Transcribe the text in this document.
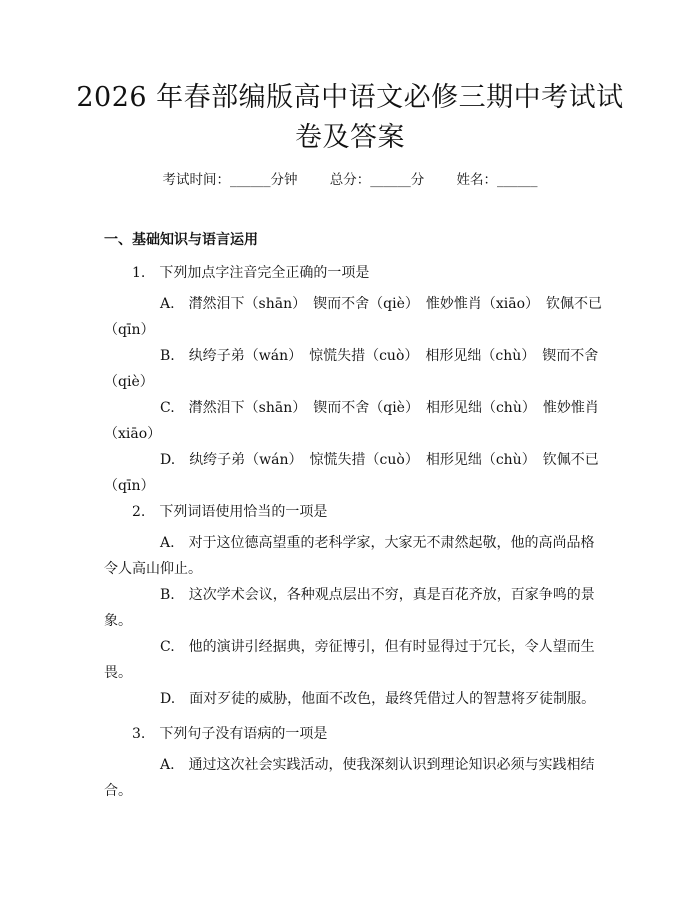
2026 年春部编版高中语文必修三期中考试试
卷及答案
考试时间：______分钟 总分：______分 姓名：______
一、基础知识与语言运用
1.　下列加点字注音完全正确的一项是
A. 潸然泪下（shān）　锲而不舍（qiè）　惟妙惟肖（xiāo）　钦佩不已（qīn）
B. 纨绔子弟（wán）　惊慌失措（cuò）　相形见绌（chù）　锲而不舍（qiè）
C. 潸然泪下（shān）　锲而不舍（qiè）　相形见绌（chù）　惟妙惟肖（xiāo）
D. 纨绔子弟（wán）　惊慌失措（cuò）　相形见绌（chù）　钦佩不已（qīn）
2.　下列词语使用恰当的一项是
A. 对于这位德高望重的老科学家，大家无不肃然起敬，他的高尚品格令人高山仰止。
B. 这次学术会议，各种观点层出不穷，真是百花齐放，百家争鸣的景象。
C. 他的演讲引经据典，旁征博引，但有时显得过于冗长，令人望而生畏。
D. 面对歹徒的威胁，他面不改色，最终凭借过人的智慧将歹徒制服。
3.　下列句子没有语病的一项是
A. 通过这次社会实践活动，使我深刻认识到理论知识必须与实践相结合。
